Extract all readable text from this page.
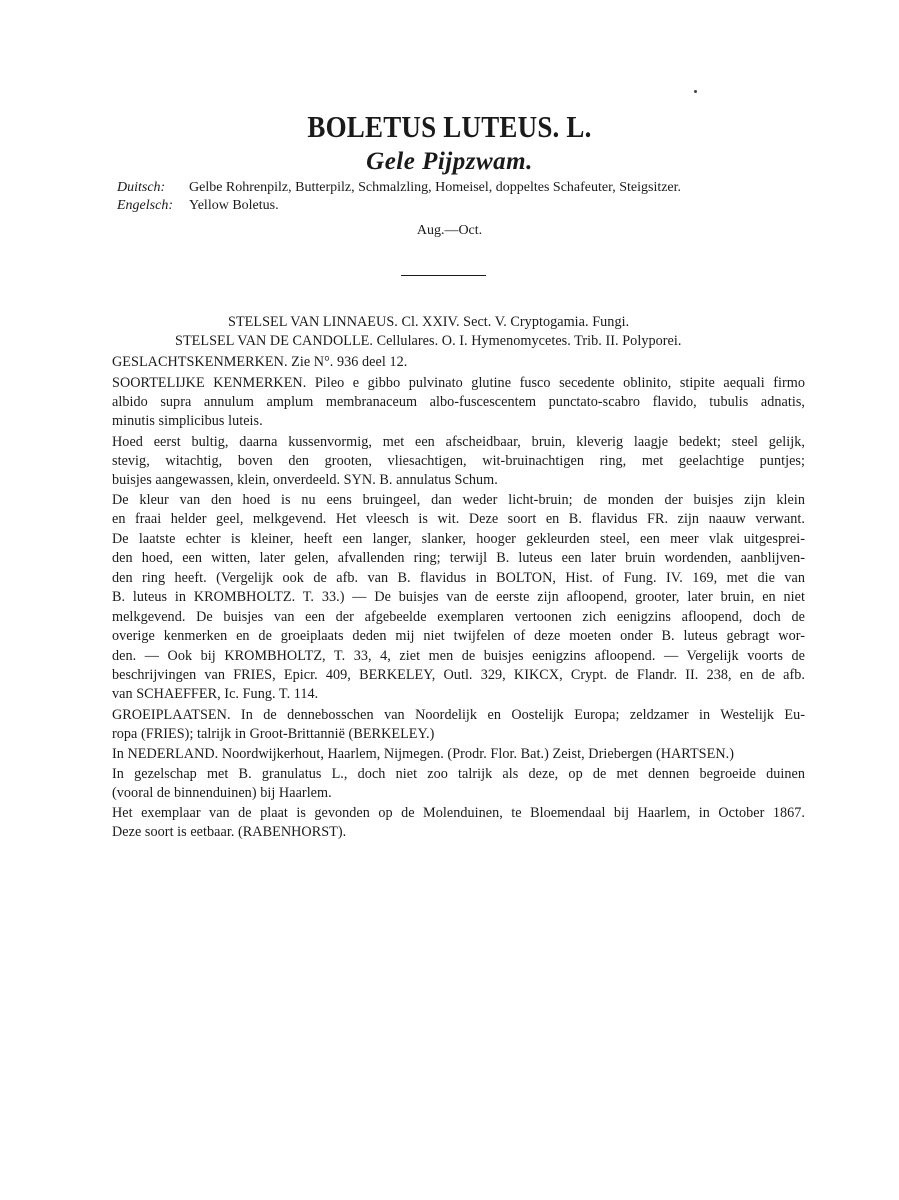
BOLETUS LUTEUS. L.
Gele Pijpzwam.
Duitsch: Gelbe Rohrenpilz, Butterpilz, Schmalzling, Homeisel, doppeltes Schafeuter, Steigsitzer.
Engelsch: Yellow Boletus.
Aug.—Oct.
STELSEL VAN LINNAEUS. Cl. XXIV. Sect. V. Cryptogamia. Fungi.
STELSEL VAN DE CANDOLLE. Cellulares. O. I. Hymenomycetes. Trib. II. Polyporei.
GESLACHTSKENMERKEN. Zie N°. 936 deel 12.
SOORTELIJKE KENMERKEN. Pileo e gibbo pulvinato glutine fusco secedente oblinito, stipite aequali firmo
albido supra annulum amplum membranaceum albo-fuscescentem punctato-scabro flavido, tubulis adnatis,
minutis simplicibus luteis.
Hoed eerst bultig, daarna kussenvormig, met een afscheidbaar, bruin, kleverig laagje bedekt; steel gelijk,
stevig, witachtig, boven den grooten, vliesachtigen, wit-bruinachtigen ring, met geelachtige puntjes;
buisjes aangewassen, klein, onverdeeld. SYN. B. annulatus Schum.
De kleur van den hoed is nu eens bruingeel, dan weder licht-bruin; de monden der buisjes zijn klein
en fraai helder geel, melkgevend. Het vleesch is wit. Deze soort en B. flavidus FR. zijn naauw verwant.
De laatste echter is kleiner, heeft een langer, slanker, hooger gekleurden steel, een meer vlak uitgesprei-
den hoed, een witten, later gelen, afvallenden ring; terwijl B. luteus een later bruin wordenden, aanblijven-
den ring heeft. (Vergelijk ook de afb. van B. flavidus in BOLTON, Hist. of Fung. IV. 169, met die van
B. luteus in KROMBHOLTZ. T. 33.) — De buisjes van de eerste zijn afloopend, grooter, later bruin, en niet
melkgevend. De buisjes van een der afgebeelde exemplaren vertoonen zich eenigzins afloopend, doch de
overige kenmerken en de groeiplaats deden mij niet twijfelen of deze moeten onder B. luteus gebragt wor-
den. — Ook bij KROMBHOLTZ, T. 33, 4, ziet men de buisjes eenigzins afloopend. — Vergelijk voorts de
beschrijvingen van FRIES, Epicr. 409, BERKELEY, Outl. 329, KIKCX, Crypt. de Flandr. II. 238, en de afb.
van SCHAEFFER, Ic. Fung. T. 114.
GROEIPLAATSEN. In de dennebosschen van Noordelijk en Oostelijk Europa; zeldzamer in Westelijk Eu-
ropa (FRIES); talrijk in Groot-Brittannië (BERKELEY.)
In NEDERLAND. Noordwijkerhout, Haarlem, Nijmegen. (Prodr. Flor. Bat.) Zeist, Driebergen (HARTSEN.)
In gezelschap met B. granulatus L., doch niet zoo talrijk als deze, op de met dennen begroeide duinen
(vooral de binnenduinen) bij Haarlem.
Het exemplaar van de plaat is gevonden op de Molenduinen, te Bloemendaal bij Haarlem, in October 1867.
Deze soort is eetbaar. (RABENHORST).
